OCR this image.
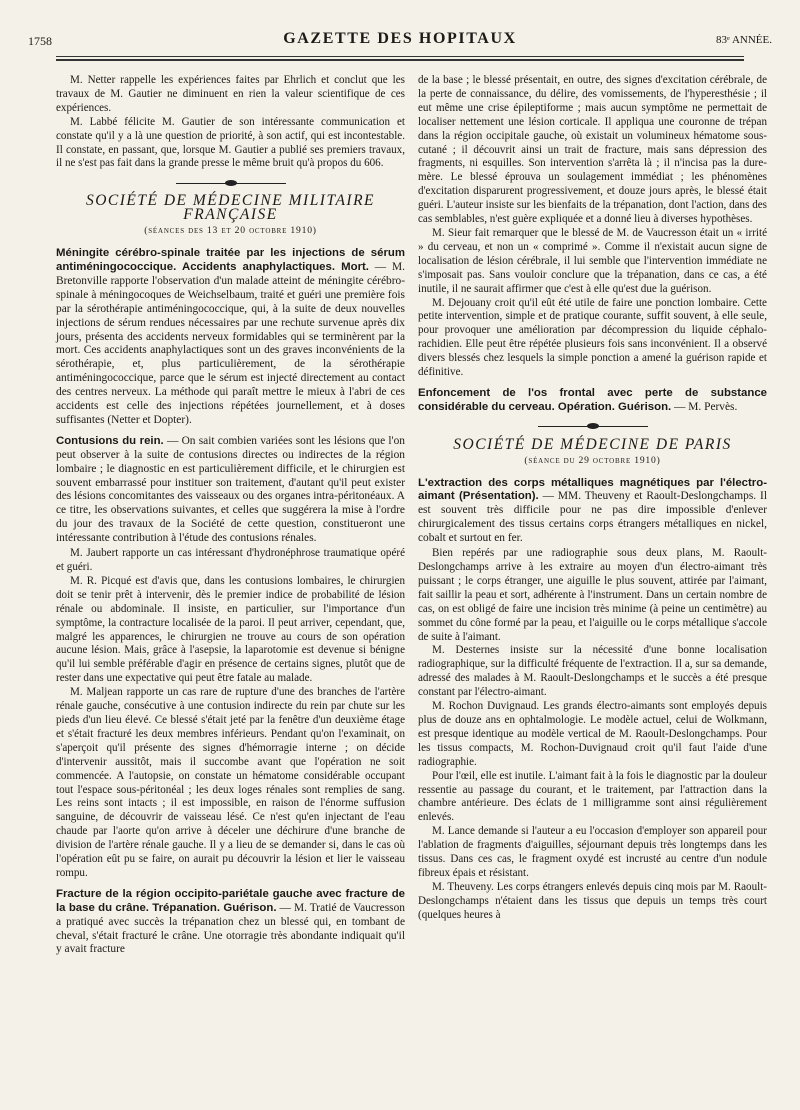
1758	GAZETTE DES HOPITAUX	83ᵉ ANNÉE.

M. Netter rappelle les expériences faites par Ehrlich et conclut que les travaux de M. Gautier ne diminuent en rien la valeur scientifique de ces expériences.

M. Labbé félicite M. Gautier de son intéressante communication et constate qu'il y a là une question de priorité, à son actif, qui est incontestable. Il constate, en passant, que, lorsque M. Gautier a publié ses premiers travaux, il ne s'est pas fait dans la grande presse le même bruit qu'à propos du 606.

SOCIÉTÉ DE MÉDECINE MILITAIRE FRANÇAISE
(séances des 13 et 20 octobre 1910)
Méningite cérébro-spinale traitée par les injections de sérum antiméningococcique. Accidents anaphylactiques. Mort. — M. Bretonville rapporte l'observation d'un malade atteint de méningite cérébro-spinale à méningocoques de Weichselbaum, traité et guéri une première fois par la sérothérapie antiméningococcique, qui, à la suite de deux nouvelles injections de sérum rendues nécessaires par une rechute survenue après dix jours, présenta des accidents nerveux formidables qui se terminèrent par la mort. Ces accidents anaphylactiques sont un des graves inconvénients de la sérothérapie, et, plus particulièrement, de la sérothérapie antiméningococcique, parce que le sérum est injecté directement au contact des centres nerveux. La méthode qui paraît mettre le mieux à l'abri de ces accidents est celle des injections répétées journellement, et à doses suffisantes (Netter et Dopter).
Contusions du rein. — On sait combien variées sont les lésions que l'on peut observer à la suite de contusions directes ou indirectes de la région lombaire ; le diagnostic en est particulièrement difficile, et le chirurgien est souvent embarrassé pour instituer son traitement, d'autant qu'il peut exister des lésions concomitantes des vaisseaux ou des organes intra-péritonéaux. A ce titre, les observations suivantes, et celles que suggérera la mise à l'ordre du jour des travaux de la Société de cette question, constitueront une intéressante contribution à l'étude des contusions rénales.

M. Jaubert rapporte un cas intéressant d'hydronéphrose traumatique opéré et guéri.

M. R. Picqué est d'avis que, dans les contusions lombaires, le chirurgien doit se tenir prêt à intervenir, dès le premier indice de probabilité de lésion rénale ou abdominale. Il insiste, en particulier, sur l'importance d'un symptôme, la contracture localisée de la paroi. Il peut arriver, cependant, que, malgré les apparences, le chirurgien ne trouve au cours de son opération aucune lésion. Mais, grâce à l'asepsie, la laparotomie est devenue si bénigne qu'il lui semble préférable d'agir en présence de certains signes, plutôt que de rester dans une expectative qui peut être fatale au malade.

M. Maljean rapporte un cas rare de rupture d'une des branches de l'artère rénale gauche, consécutive à une contusion indirecte du rein par chute sur les pieds d'un lieu élevé. Ce blessé s'était jeté par la fenêtre d'un deuxième étage et s'était fracturé les deux membres inférieurs. Pendant qu'on l'examinait, on s'aperçoit qu'il présente des signes d'hémorragie interne ; on décide d'intervenir aussitôt, mais il succombe avant que l'opération ne soit commencée. A l'autopsie, on constate un hématome considérable occupant tout l'espace sous-péritonéal ; les deux loges rénales sont remplies de sang. Les reins sont intacts ; il est impossible, en raison de l'énorme suffusion sanguine, de découvrir de vaisseau lésé. Ce n'est qu'en injectant de l'eau chaude par l'aorte qu'on arrive à déceler une déchirure d'une branche de division de l'artère rénale gauche. Il y a lieu de se demander si, dans le cas où l'opération eût pu se faire, on aurait pu découvrir la lésion et lier le vaisseau rompu.

Fracture de la région occipito-pariétale gauche avec fracture de la base du crâne. Trépanation. Guérison. — M. Tratié de Vaucresson a pratiqué avec succès la trépanation chez un blessé qui, en tombant de cheval, s'était fracturé le crâne. Une otorragie très abondante indiquait qu'il y avait fracture

de la base ; le blessé présentait, en outre, des signes d'excitation cérébrale, de la perte de connaissance, du délire, des vomissements, de l'hyperesthésie ; il eut même une crise épileptiforme ; mais aucun symptôme ne permettait de localiser nettement une lésion corticale. Il appliqua une couronne de trépan dans la région occipitale gauche, où existait un volumineux hématome sous-cutané ; il découvrit ainsi un trait de fracture, mais sans dépression des fragments, ni esquilles. Son intervention s'arrêta là ; il n'incisa pas la dure-mère. Le blessé éprouva un soulagement immédiat ; les phénomènes d'excitation disparurent progressivement, et douze jours après, le blessé était guéri. L'auteur insiste sur les bienfaits de la trépanation, dont l'action, dans des cas semblables, n'est guère expliquée et a donné lieu à diverses hypothèses.

M. Sieur fait remarquer que le blessé de M. de Vaucresson était un « irrité » du cerveau, et non un « comprimé ». Comme il n'existait aucun signe de localisation de lésion cérébrale, il lui semble que l'intervention immédiate ne s'imposait pas. Sans vouloir conclure que la trépanation, dans ce cas, a été inutile, il ne saurait affirmer que c'est à elle qu'est due la guérison.

M. Dejouany croit qu'il eût été utile de faire une ponction lombaire. Cette petite intervention, simple et de pratique courante, suffit souvent, à elle seule, pour provoquer une amélioration par décompression du liquide céphalo-rachidien. Elle peut être répétée plusieurs fois sans inconvénient. Il a observé divers blessés chez lesquels la simple ponction a amené la guérison rapide et définitive.

Enfoncement de l'os frontal avec perte de substance considérable du cerveau. Opération. Guérison. — M. Pervès.
SOCIÉTÉ DE MÉDECINE DE PARIS
(séance du 29 octobre 1910)
L'extraction des corps métalliques magnétiques par l'électro-aimant (Présentation). — MM. Theuveny et Raoult-Deslongchamps. Il est souvent très difficile pour ne pas dire impossible d'enlever chirurgicalement des tissus certains corps étrangers métalliques en nickel, cobalt et surtout en fer.

Bien repérés par une radiographie sous deux plans, M. Raoult-Deslongchamps arrive à les extraire au moyen d'un électro-aimant très puissant ; le corps étranger, une aiguille le plus souvent, attirée par l'aimant, fait saillir la peau et sort, adhérente à l'instrument. Dans un certain nombre de cas, on est obligé de faire une incision très minime (à peine un centimètre) au sommet du cône formé par la peau, et l'aiguille ou le corps métallique s'accole de suite à l'aimant.

M. Desternes insiste sur la nécessité d'une bonne localisation radiographique, sur la difficulté fréquente de l'extraction. Il a, sur sa demande, adressé des malades à M. Raoult-Deslongchamps et le succès a été presque constant par l'électro-aimant.

M. Rochon Duvignaud. Les grands électro-aimants sont employés depuis plus de douze ans en ophtalmologie. Le modèle actuel, celui de Wolkmann, est presque identique au modèle vertical de M. Raoult-Deslongchamps. Pour les tissus compacts, M. Rochon-Duvignaud croit qu'il faut l'aide d'une radiographie.

Pour l'œil, elle est inutile. L'aimant fait à la fois le diagnostic par la douleur ressentie au passage du courant, et le traitement, par l'attraction dans la chambre antérieure. Des éclats de 1 milligramme sont ainsi régulièrement enlevés.

M. Lance demande si l'auteur a eu l'occasion d'employer son appareil pour l'ablation de fragments d'aiguilles, séjournant depuis très longtemps dans les tissus. Dans ces cas, le fragment oxydé est incrusté au centre d'un nodule fibreux épais et résistant.

M. Theuveny. Les corps étrangers enlevés depuis cinq mois par M. Raoult-Deslongchamps n'étaient dans les tissus que depuis un temps très court (quelques heures à
